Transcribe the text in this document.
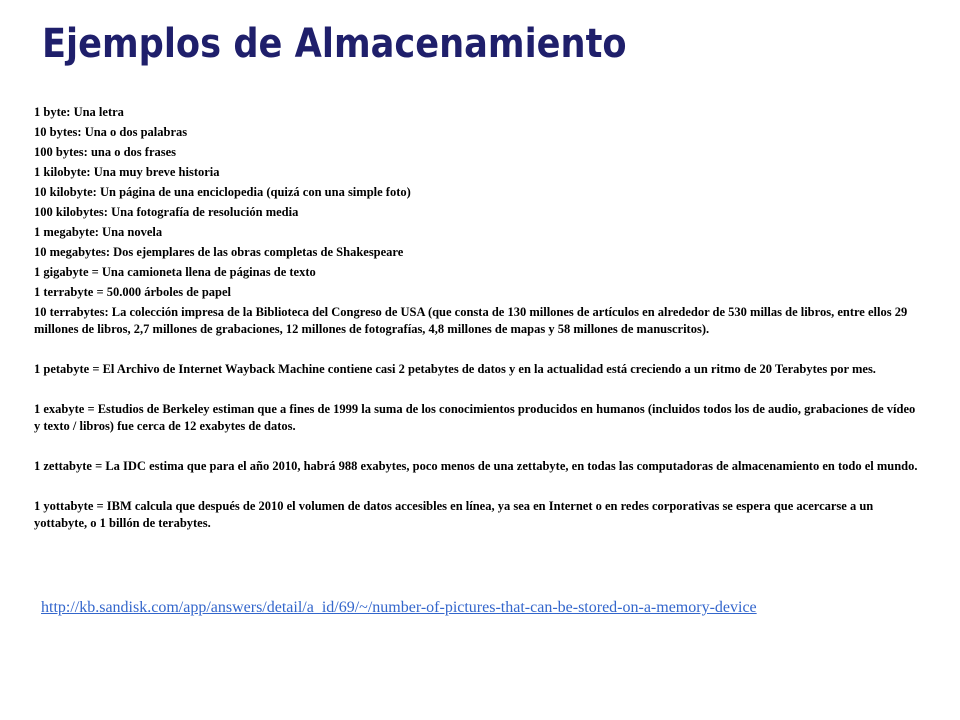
Ejemplos de Almacenamiento
1 byte: Una letra
10 bytes: Una o dos palabras
100 bytes: una o dos frases
1 kilobyte: Una muy breve historia
10 kilobyte: Un página de una enciclopedia (quizá con una simple foto)
100 kilobytes: Una fotografía de resolución media
1 megabyte: Una novela
10 megabytes: Dos ejemplares de las obras completas de Shakespeare
1 gigabyte = Una camioneta llena de páginas de texto
1 terrabyte = 50.000 árboles de papel
10 terrabytes: La colección impresa de la Biblioteca del Congreso de USA (que consta de 130 millones de artículos en alrededor de 530 millas de libros, entre ellos 29 millones de libros, 2,7 millones de grabaciones, 12 millones de fotografías, 4,8 millones de mapas y 58 millones de manuscritos).
1 petabyte = El Archivo de Internet Wayback Machine contiene casi 2 petabytes de datos y en la actualidad está creciendo a un ritmo de 20 Terabytes por mes.
1 exabyte = Estudios de Berkeley estiman que a fines de 1999 la suma de los conocimientos producidos en humanos (incluidos todos los de audio, grabaciones de vídeo y texto / libros) fue cerca de 12 exabytes de datos.
1 zettabyte = La IDC estima que para el año 2010, habrá 988 exabytes, poco menos de una zettabyte, en todas las computadoras de almacenamiento en todo el mundo.
1 yottabyte = IBM calcula que después de 2010 el volumen de datos accesibles en línea, ya sea en Internet o en redes corporativas se espera que acercarse a un yottabyte, o 1 billón de terabytes.
http://kb.sandisk.com/app/answers/detail/a_id/69/~/number-of-pictures-that-can-be-stored-on-a-memory-device
